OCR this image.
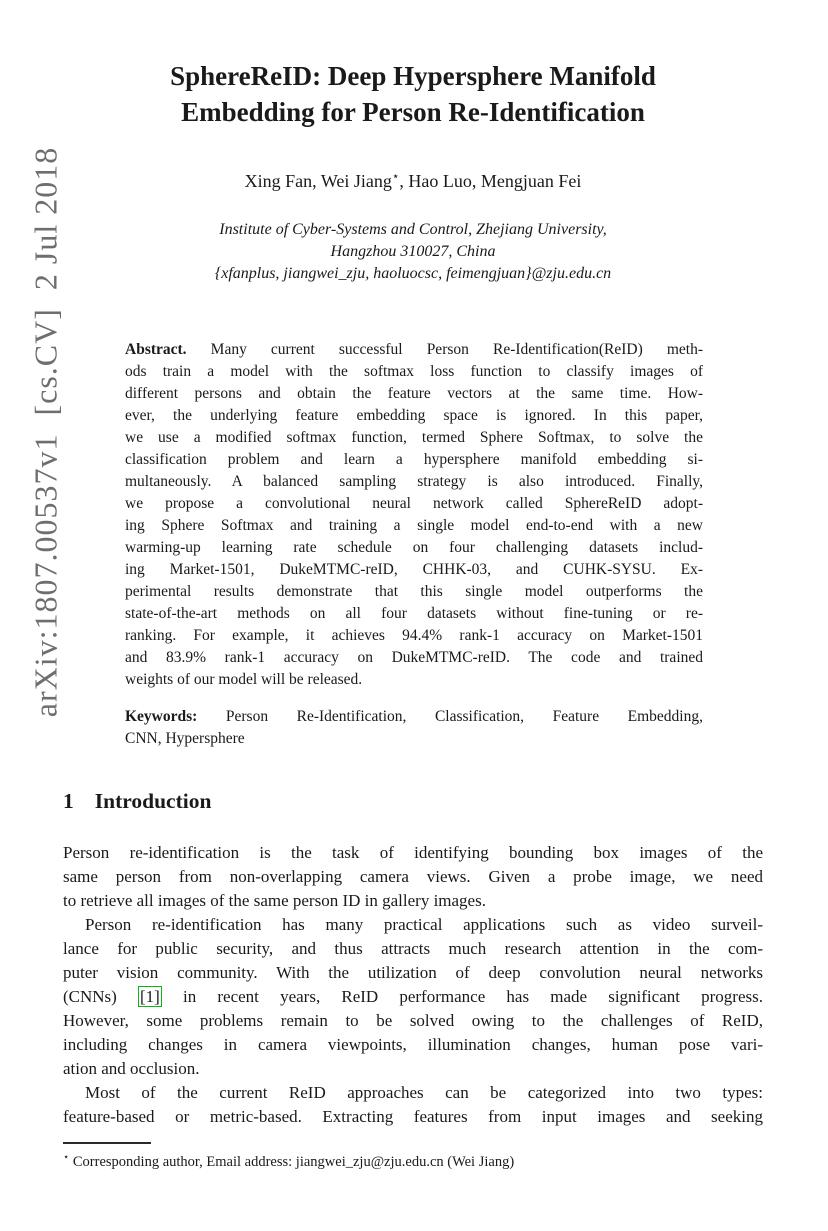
arXiv:1807.00537v1  [cs.CV]  2 Jul 2018
SphereReID: Deep Hypersphere Manifold
Embedding for Person Re-Identification
Xing Fan, Wei Jiang⋆, Hao Luo, Mengjuan Fei
Institute of Cyber-Systems and Control, Zhejiang University,
Hangzhou 310027, China
{xfanplus, jiangwei_zju, haoluocsc, feimengjuan}@zju.edu.cn
Abstract. Many current successful Person Re-Identification(ReID) meth-
ods train a model with the softmax loss function to classify images of
different persons and obtain the feature vectors at the same time. How-
ever, the underlying feature embedding space is ignored. In this paper,
we use a modified softmax function, termed Sphere Softmax, to solve the
classification problem and learn a hypersphere manifold embedding si-
multaneously. A balanced sampling strategy is also introduced. Finally,
we propose a convolutional neural network called SphereReID adopt-
ing Sphere Softmax and training a single model end-to-end with a new
warming-up learning rate schedule on four challenging datasets includ-
ing Market-1501, DukeMTMC-reID, CHHK-03, and CUHK-SYSU. Ex-
perimental results demonstrate that this single model outperforms the
state-of-the-art methods on all four datasets without fine-tuning or re-
ranking. For example, it achieves 94.4% rank-1 accuracy on Market-1501
and 83.9% rank-1 accuracy on DukeMTMC-reID. The code and trained
weights of our model will be released.
Keywords: Person Re-Identification, Classification, Feature Embedding,
CNN, Hypersphere
1 Introduction
Person re-identification is the task of identifying bounding box images of the
same person from non-overlapping camera views. Given a probe image, we need
to retrieve all images of the same person ID in gallery images.
Person re-identification has many practical applications such as video surveil-
lance for public security, and thus attracts much research attention in the com-
puter vision community. With the utilization of deep convolution neural networks
(CNNs) [1] in recent years, ReID performance has made significant progress.
However, some problems remain to be solved owing to the challenges of ReID,
including changes in camera viewpoints, illumination changes, human pose vari-
ation and occlusion.
Most of the current ReID approaches can be categorized into two types:
feature-based or metric-based. Extracting features from input images and seeking
⋆ Corresponding author, Email address: jiangwei_zju@zju.edu.cn (Wei Jiang)
